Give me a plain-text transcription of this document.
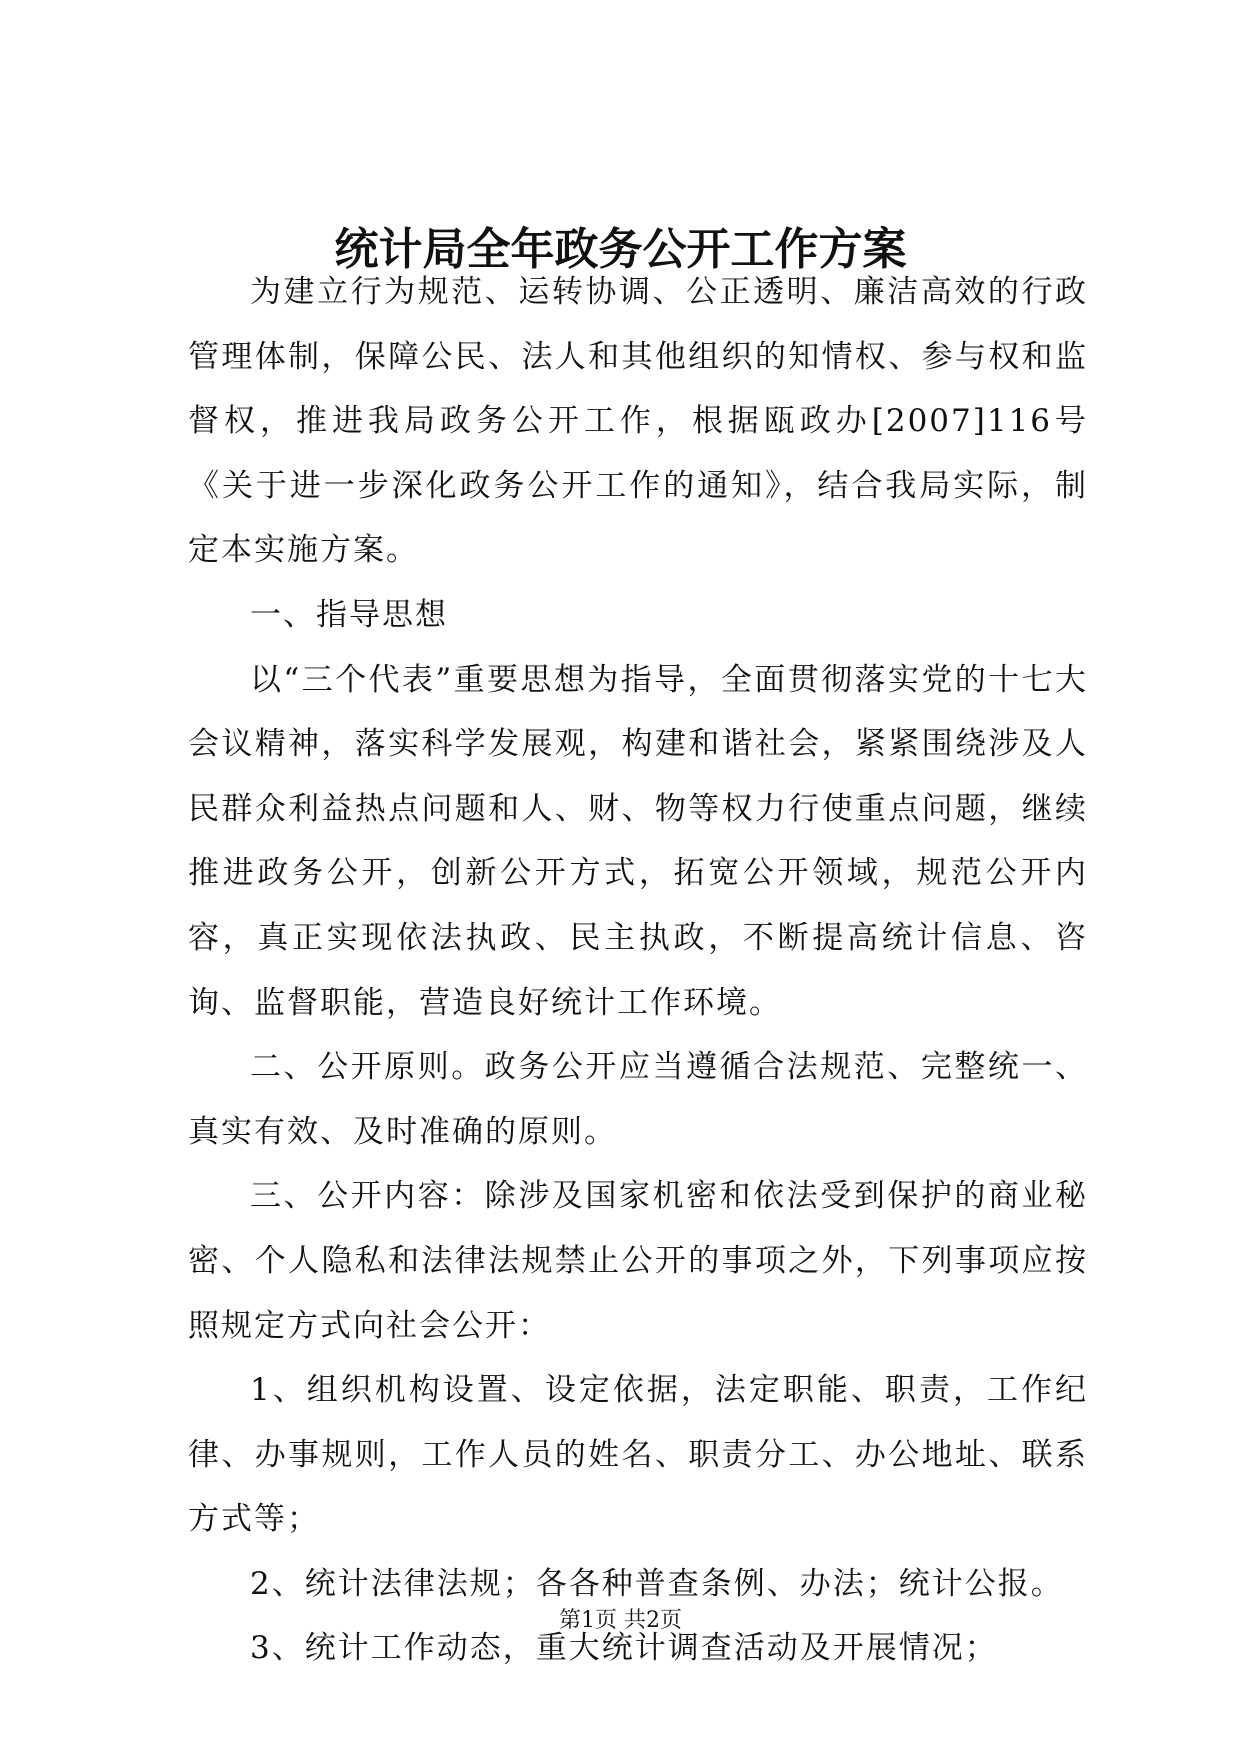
统计局全年政务公开工作方案

为建立行为规范、运转协调、公正透明、廉洁高效的行政管理体制，保障公民、法人和其他组织的知情权、参与权和监督权，推进我局政务公开工作，根据瓯政办[2007]116号《关于进一步深化政务公开工作的通知》，结合我局实际，制定本实施方案。

一、指导思想

以“三个代表”重要思想为指导，全面贯彻落实党的十七大会议精神，落实科学发展观，构建和谐社会，紧紧围绕涉及人民群众利益热点问题和人、财、物等权力行使重点问题，继续推进政务公开，创新公开方式，拓宽公开领域，规范公开内容，真正实现依法执政、民主执政，不断提高统计信息、咨询、监督职能，营造良好统计工作环境。

二、公开原则。政务公开应当遵循合法规范、完整统一、真实有效、及时准确的原则。

三、公开内容：除涉及国家机密和依法受到保护的商业秘密、个人隐私和法律法规禁止公开的事项之外，下列事项应按照规定方式向社会公开：

1、组织机构设置、设定依据，法定职能、职责，工作纪律、办事规则，工作人员的姓名、职责分工、办公地址、联系方式等；

2、统计法律法规；各各种普查条例、办法；统计公报。

3、统计工作动态，重大统计调查活动及开展情况；

第1页 共2页
